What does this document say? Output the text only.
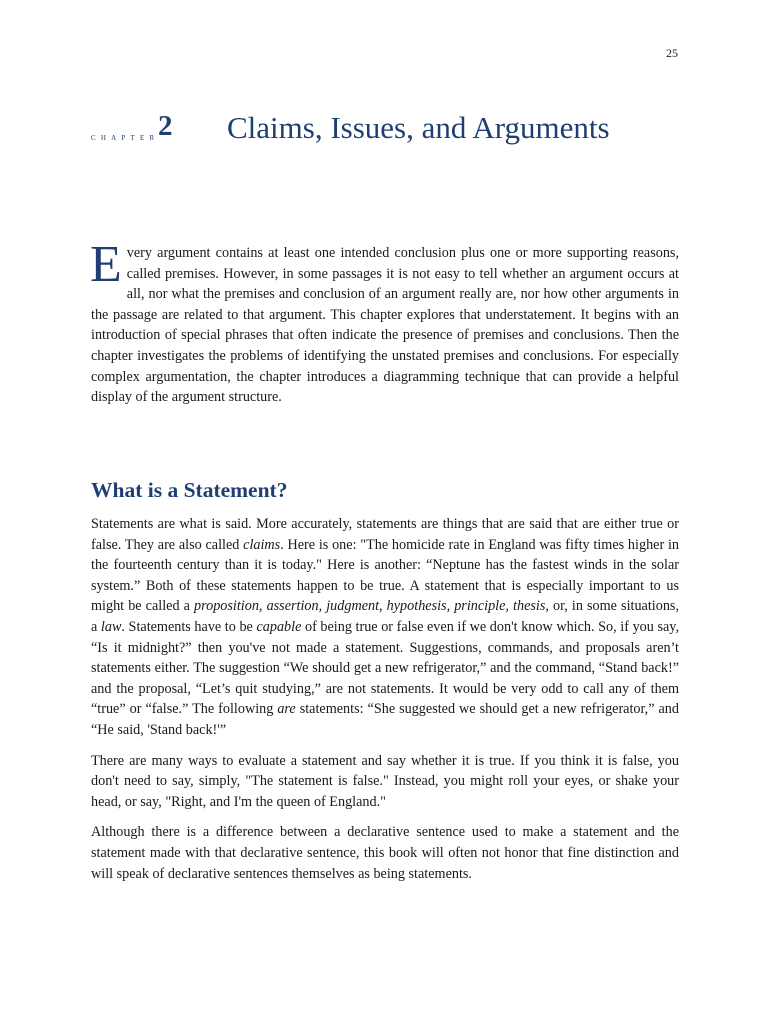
25
CHAPTER
2 Claims, Issues, and Arguments
E very argument contains at least one intended conclusion plus one or more supporting reasons, called premises. However, in some passages it is not easy to tell whether an argument occurs at all, nor what the premises and conclusion of an argument really are, nor how other arguments in the passage are related to that argument. This chapter explores that understatement. It begins with an introduction of special phrases that often indicate the presence of premises and conclusions. Then the chapter investigates the problems of identifying the unstated premises and conclusions. For especially complex argumentation, the chapter introduces a diagramming technique that can provide a helpful display of the argument structure.
What is a Statement?

Statements are what is said. More accurately, statements are things that are said that are either true or false. They are also called claims. Here is one: "The homicide rate in England was fifty times higher in the fourteenth century than it is today." Here is another: “Neptune has the fastest winds in the solar system.” Both of these statements happen to be true. A statement that is especially important to us might be called a proposition, assertion, judgment, hypothesis, principle, thesis, or, in some situations, a law. Statements have to be capable of being true or false even if we don't know which. So, if you say, “Is it midnight?” then you've not made a statement. Suggestions, commands, and proposals aren’t statements either. The suggestion “We should get a new refrigerator,” and the command, “Stand back!” and the proposal, “Let’s quit studying,” are not statements. It would be very odd to call any of them “true” or “false.” The following are statements: “She suggested we should get a new refrigerator,” and “He said, 'Stand back!'”

There are many ways to evaluate a statement and say whether it is true. If you think it is false, you don't need to say, simply, "The statement is false." Instead, you might roll your eyes, or shake your head, or say, "Right, and I'm the queen of England."

Although there is a difference between a declarative sentence used to make a statement and the statement made with that declarative sentence, this book will often not honor that fine distinction and will speak of declarative sentences themselves as being statements.
